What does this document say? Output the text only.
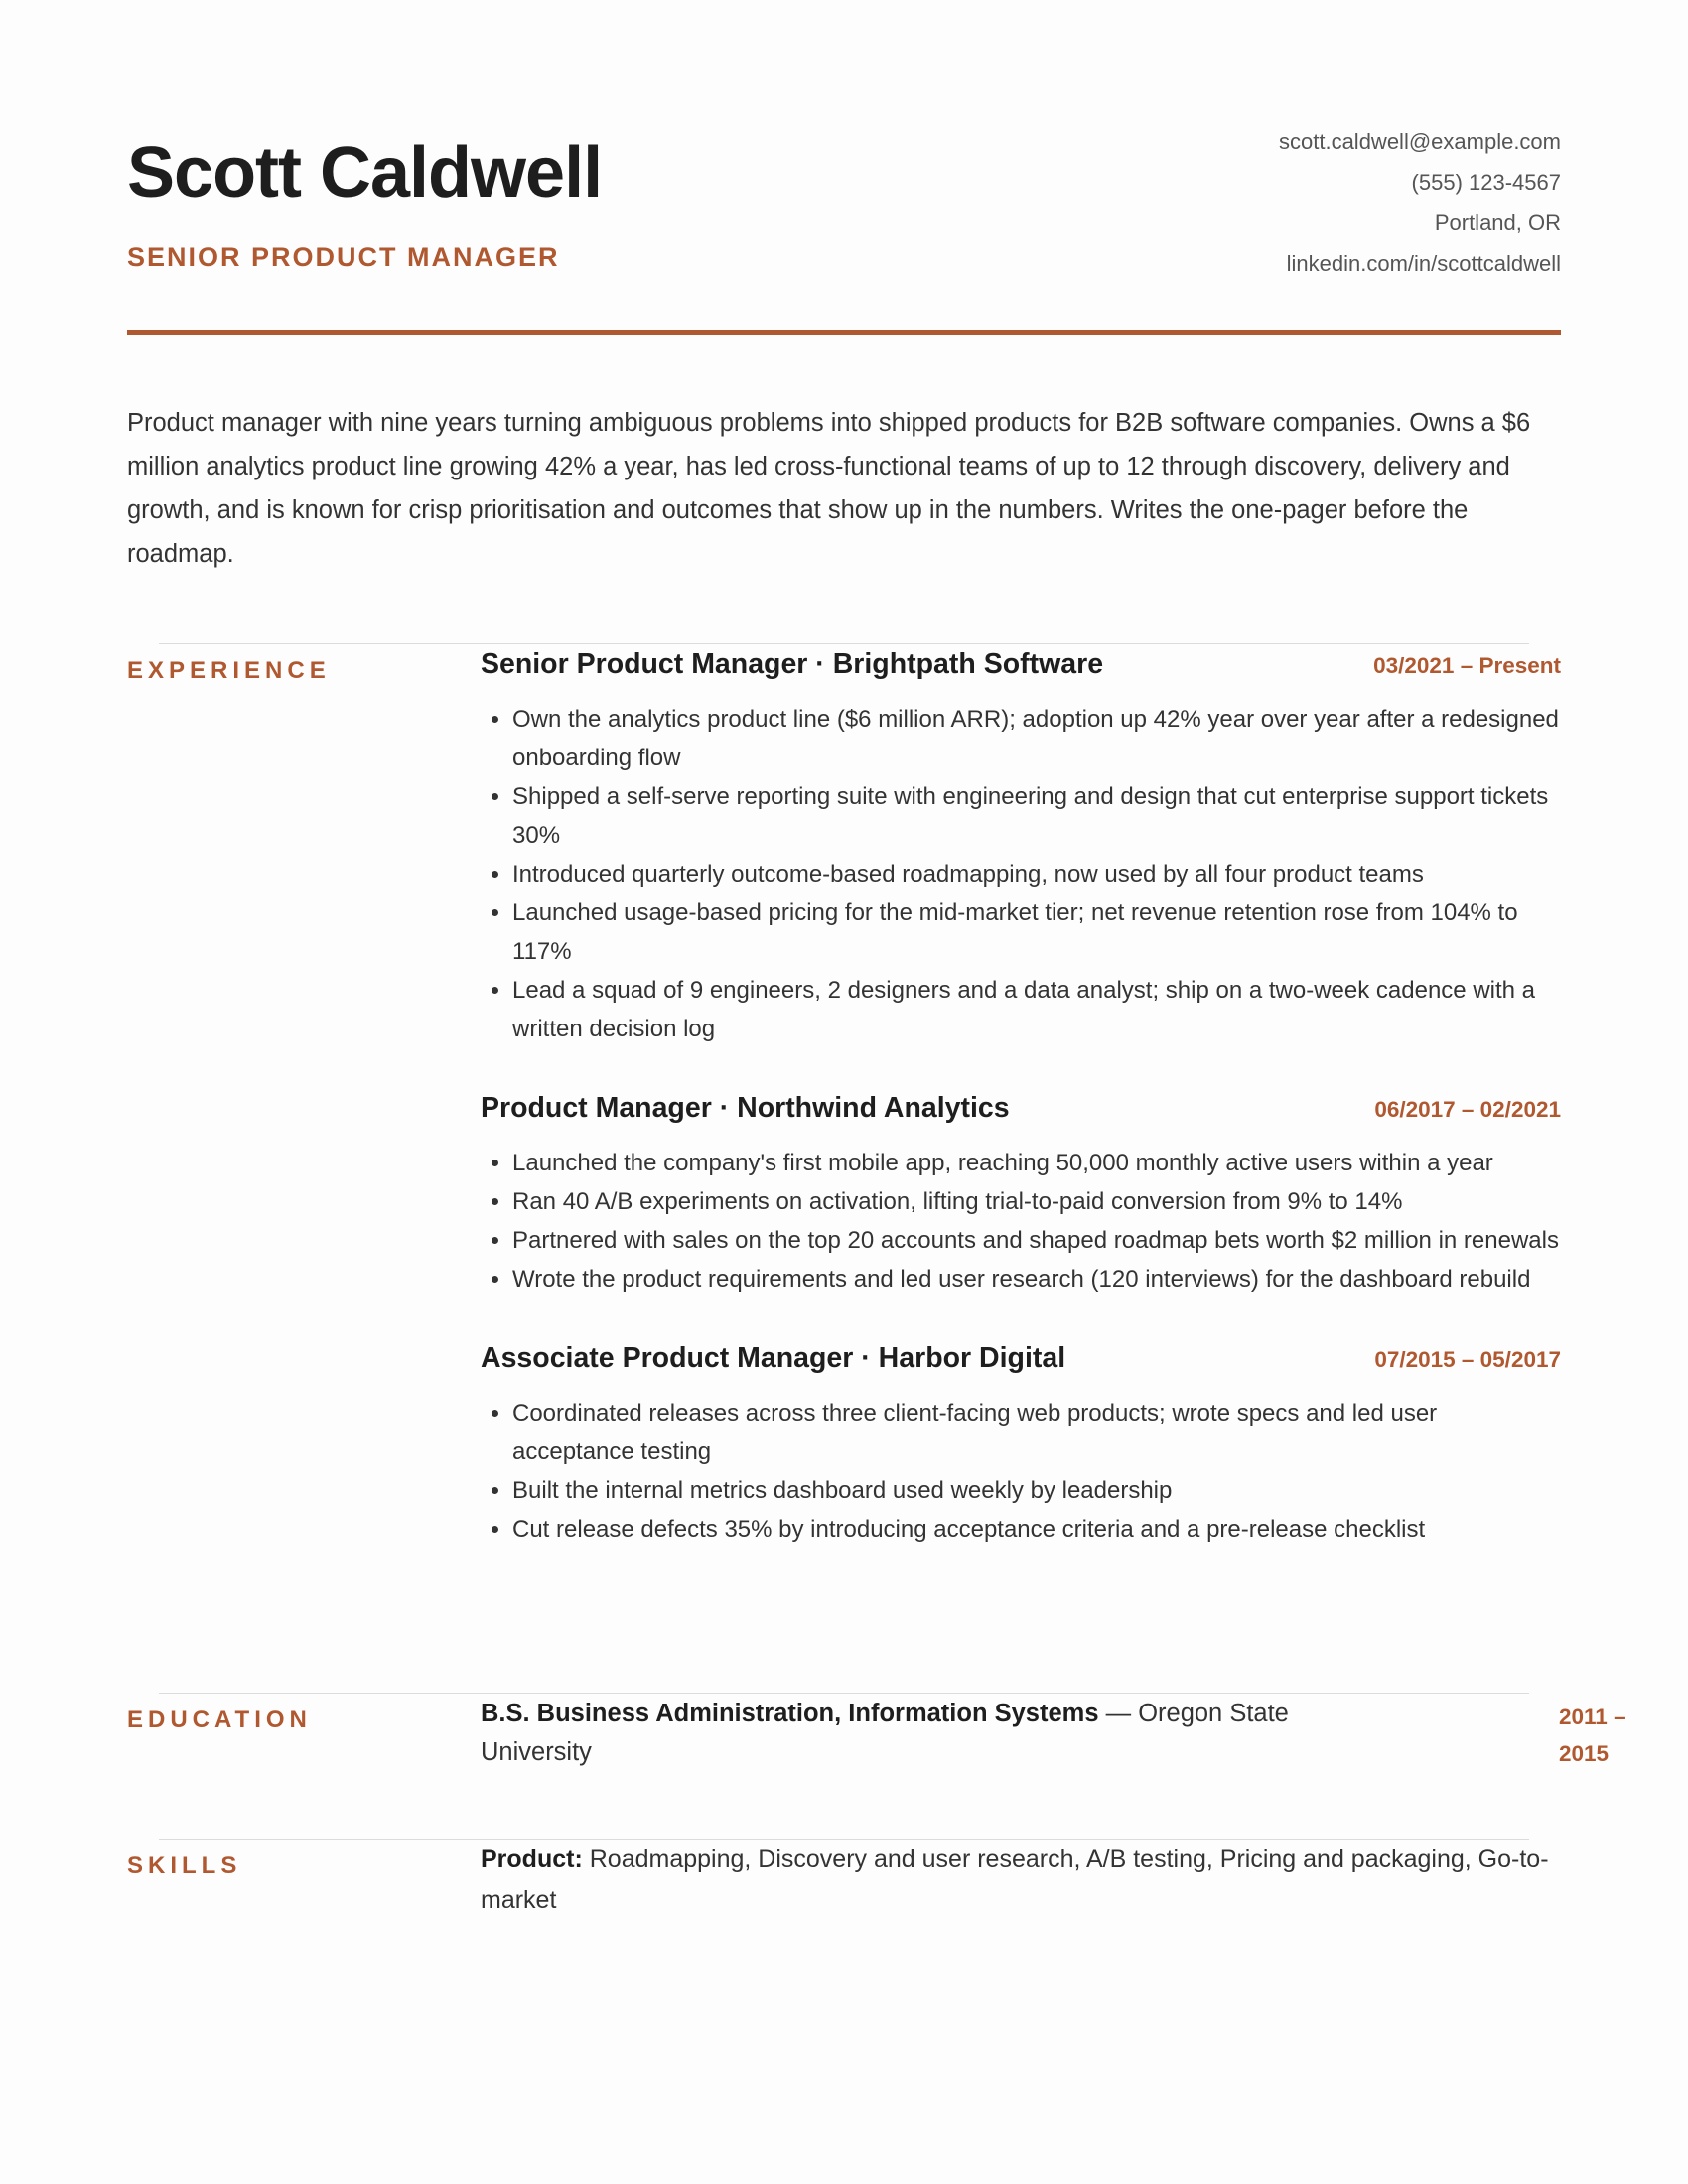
Scott Caldwell
SENIOR PRODUCT MANAGER
scott.caldwell@example.com
(555) 123-4567
Portland, OR
linkedin.com/in/scottcaldwell
Product manager with nine years turning ambiguous problems into shipped products for B2B software companies. Owns a $6 million analytics product line growing 42% a year, has led cross-functional teams of up to 12 through discovery, delivery and growth, and is known for crisp prioritisation and outcomes that show up in the numbers. Writes the one-pager before the roadmap.
EXPERIENCE	Senior Product Manager · Brightpath Software	03/2021 – Present
• Own the analytics product line ($6 million ARR); adoption up 42% year over year after a redesigned onboarding flow
• Shipped a self-serve reporting suite with engineering and design that cut enterprise support tickets 30%
• Introduced quarterly outcome-based roadmapping, now used by all four product teams
• Launched usage-based pricing for the mid-market tier; net revenue retention rose from 104% to 117%
• Lead a squad of 9 engineers, 2 designers and a data analyst; ship on a two-week cadence with a written decision log
Product Manager · Northwind Analytics	06/2017 – 02/2021
• Launched the company's first mobile app, reaching 50,000 monthly active users within a year
• Ran 40 A/B experiments on activation, lifting trial-to-paid conversion from 9% to 14%
• Partnered with sales on the top 20 accounts and shaped roadmap bets worth $2 million in renewals
• Wrote the product requirements and led user research (120 interviews) for the dashboard rebuild
Associate Product Manager · Harbor Digital	07/2015 – 05/2017
• Coordinated releases across three client-facing web products; wrote specs and led user acceptance testing
• Built the internal metrics dashboard used weekly by leadership
• Cut release defects 35% by introducing acceptance criteria and a pre-release checklist
EDUCATION	B.S. Business Administration, Information Systems — Oregon State University
2011 – 2015
SKILLS	Product: Roadmapping, Discovery and user research, A/B testing, Pricing and packaging, Go-to-market
